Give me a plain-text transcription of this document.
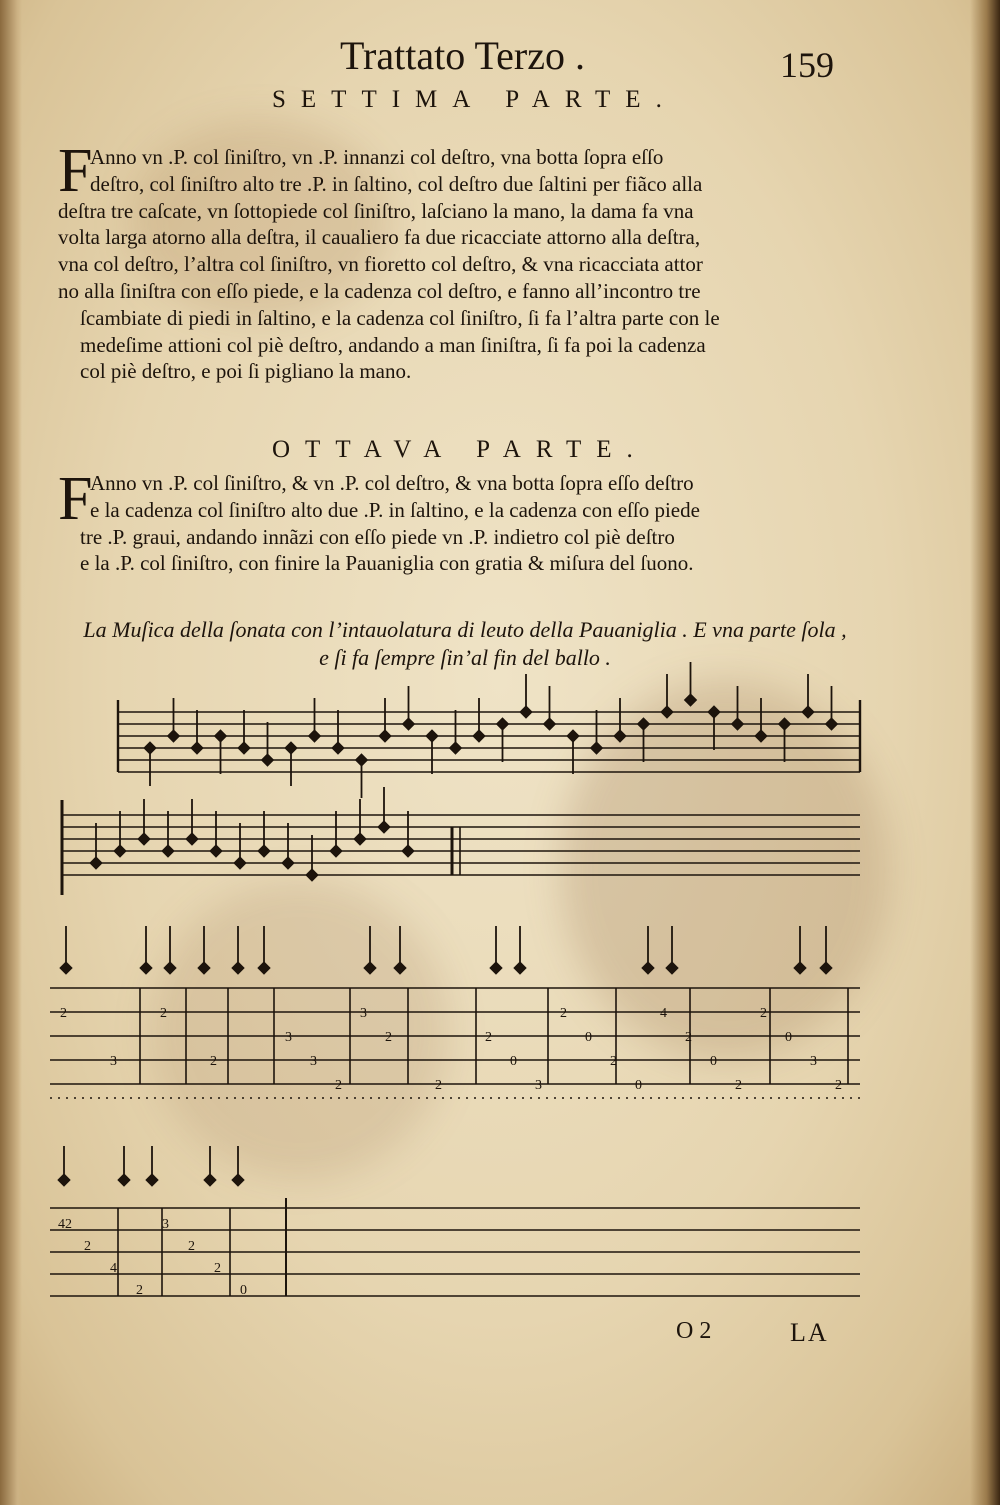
Trattato Terzo .	159
SETTIMA PARTE.
F
Anno vn .P. col ſiniſtro, vn .P. innanzi col deſtro, vna botta ſopra eſſo
deſtro, col ſiniſtro alto tre .P. in ſaltino, col deſtro due ſaltini per fiãco alla
deſtra tre caſcate, vn ſottopiede col ſiniſtro, laſciano la mano, la dama fa vna
volta larga atorno alla deſtra, il caualiero fa due ricacciate attorno alla deſtra,
vna col deſtro, l’altra col ſiniſtro, vn fioretto col deſtro, & vna ricacciata attor
no alla ſiniſtra con eſſo piede, e la cadenza col deſtro, e fanno all’incontro tre
ſcambiate di piedi in ſaltino, e la cadenza col ſiniſtro, ſi fa l’altra parte con le
medeſime attioni col piè deſtro, andando a man ſiniſtra, ſi fa poi la cadenza
col piè deſtro, e poi ſi pigliano la mano.
OTTAVA PARTE.
F
Anno vn .P. col ſiniſtro, & vn .P. col deſtro, & vna botta ſopra eſſo deſtro
e la cadenza col ſiniſtro alto due .P. in ſaltino, e la cadenza con eſſo piede
tre .P. graui, andando innãzi con eſſo piede vn .P. indietro col piè deſtro
e la .P. col ſiniſtro, con finire la Pauaniglia con gratia & miſura del ſuono.
La Muſica della ſonata con l’intauolatura di leuto della Pauaniglia . E vna parte ſola ,
e ſi fa ſempre ſin’al fin del ballo .
2
3
2
2
3
3
2
3
2
2
2
0
3
2
0
2
0
4
2
0
2
2
0
3
2
42
2
4
2
3
2
2
0
O 2	LA
